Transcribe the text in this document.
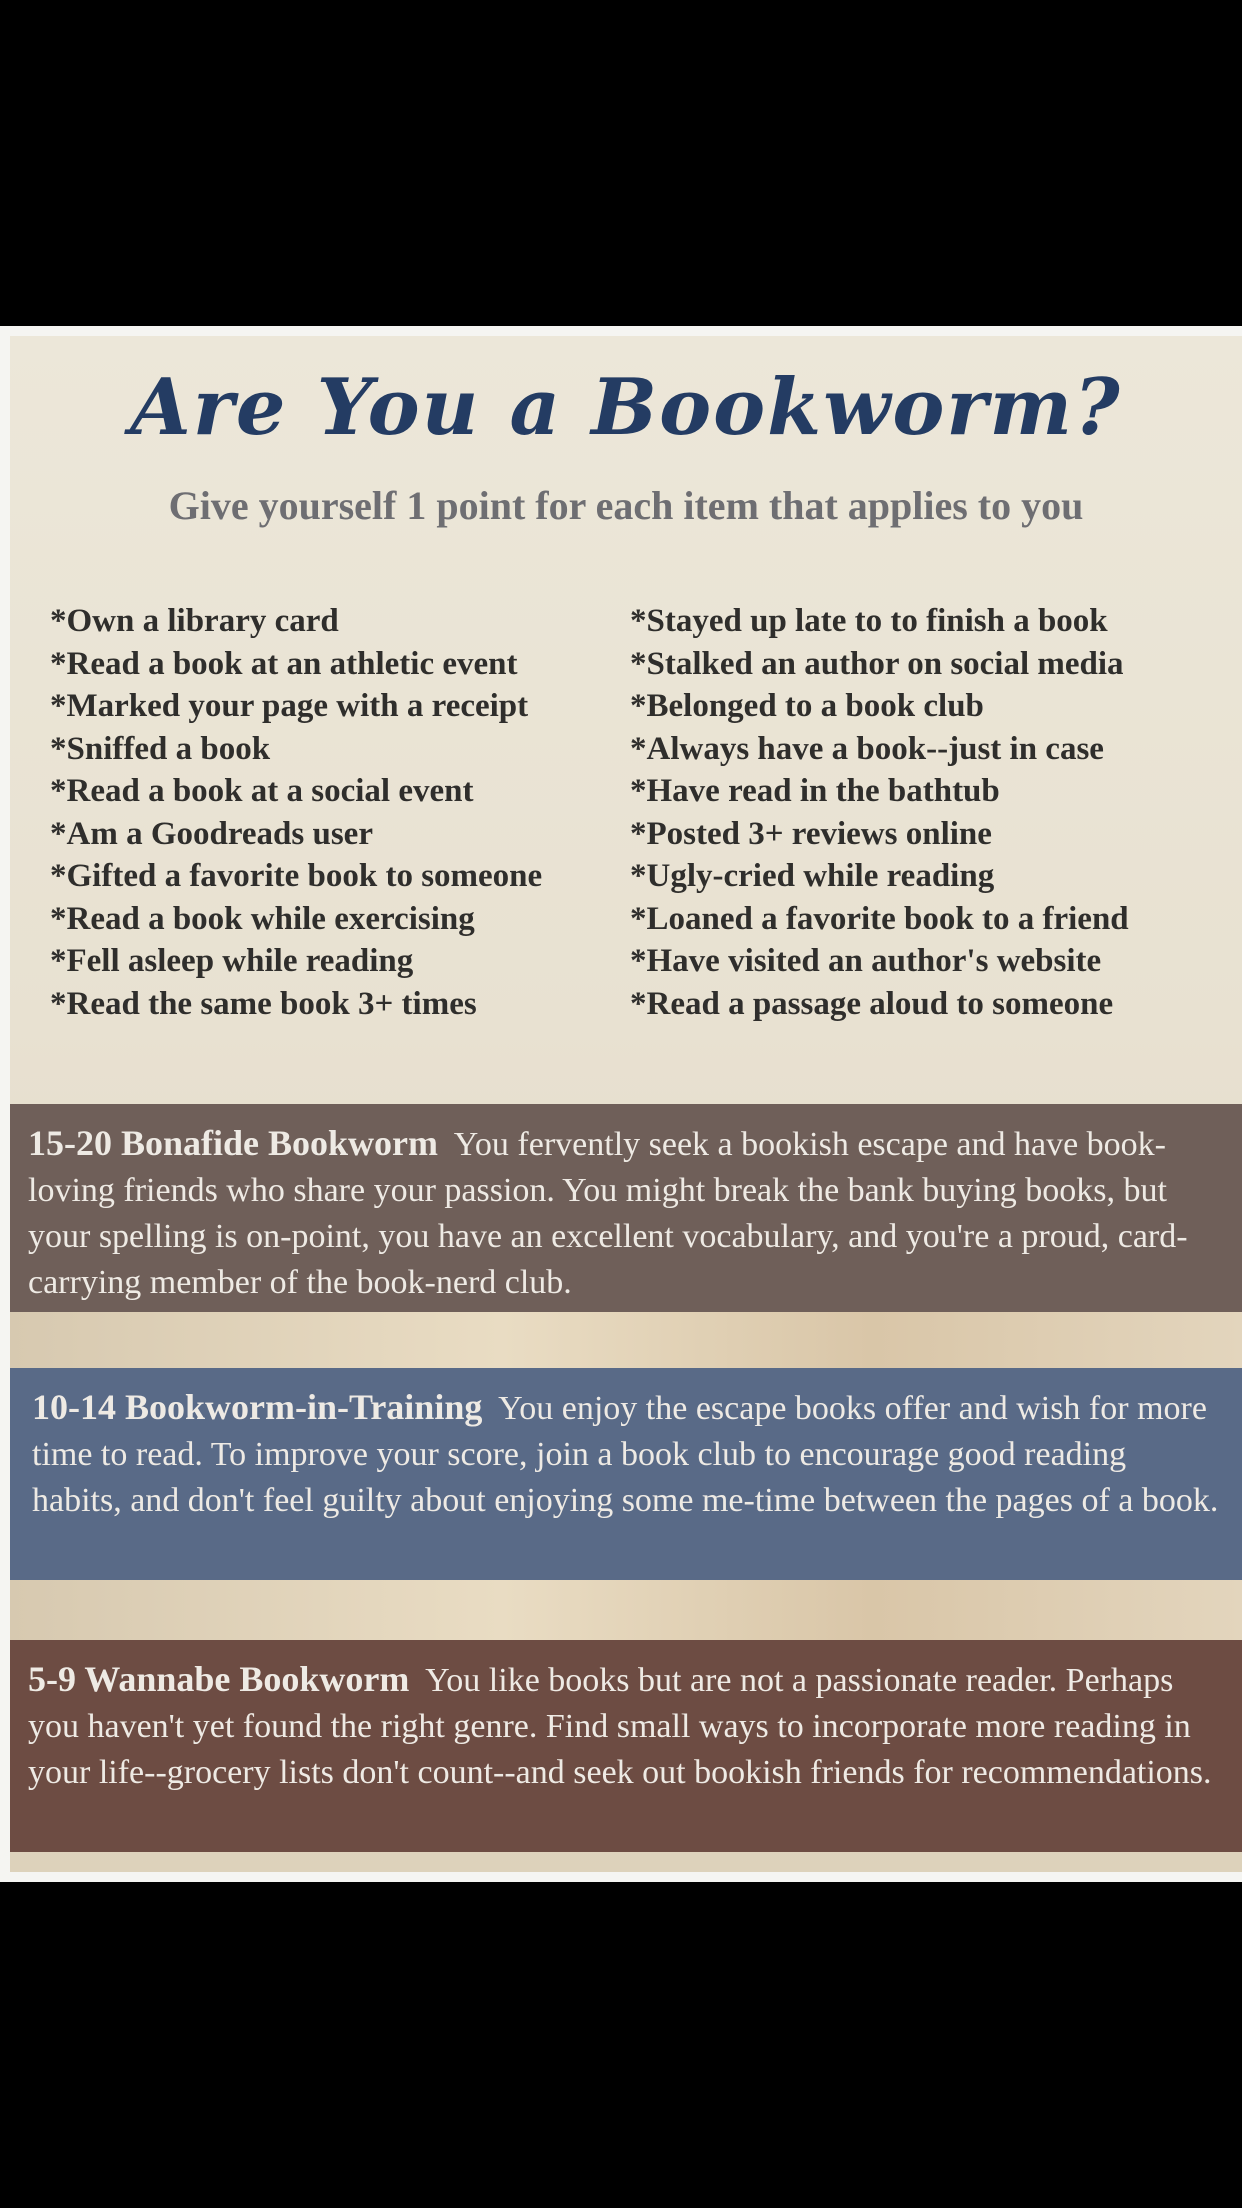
Are You a Bookworm?
Give yourself 1 point for each item that applies to you
*Own a library card
*Read a book at an athletic event
*Marked your page with a receipt
*Sniffed a book
*Read a book at a social event
*Am a Goodreads user
*Gifted a favorite book to someone
*Read a book while exercising
*Fell asleep while reading
*Read the same book 3+ times
*Stayed up late to to finish a book
*Stalked an author on social media
*Belonged to a book club
*Always have a book--just in case
*Have read in the bathtub
*Posted 3+ reviews online
*Ugly-cried while reading
*Loaned a favorite book to a friend
*Have visited an author's website
*Read a passage aloud to someone
15-20 Bonafide Bookworm You fervently seek a bookish escape and have book-loving friends who share your passion. You might break the bank buying books, but your spelling is on-point, you have an excellent vocabulary, and you're a proud, card-carrying member of the book-nerd club.
10-14 Bookworm-in-Training You enjoy the escape books offer and wish for more time to read. To improve your score, join a book club to encourage good reading habits, and don't feel guilty about enjoying some me-time between the pages of a book.
5-9 Wannabe Bookworm You like books but are not a passionate reader. Perhaps you haven't yet found the right genre. Find small ways to incorporate more reading in your life--grocery lists don't count--and seek out bookish friends for recommendations.
